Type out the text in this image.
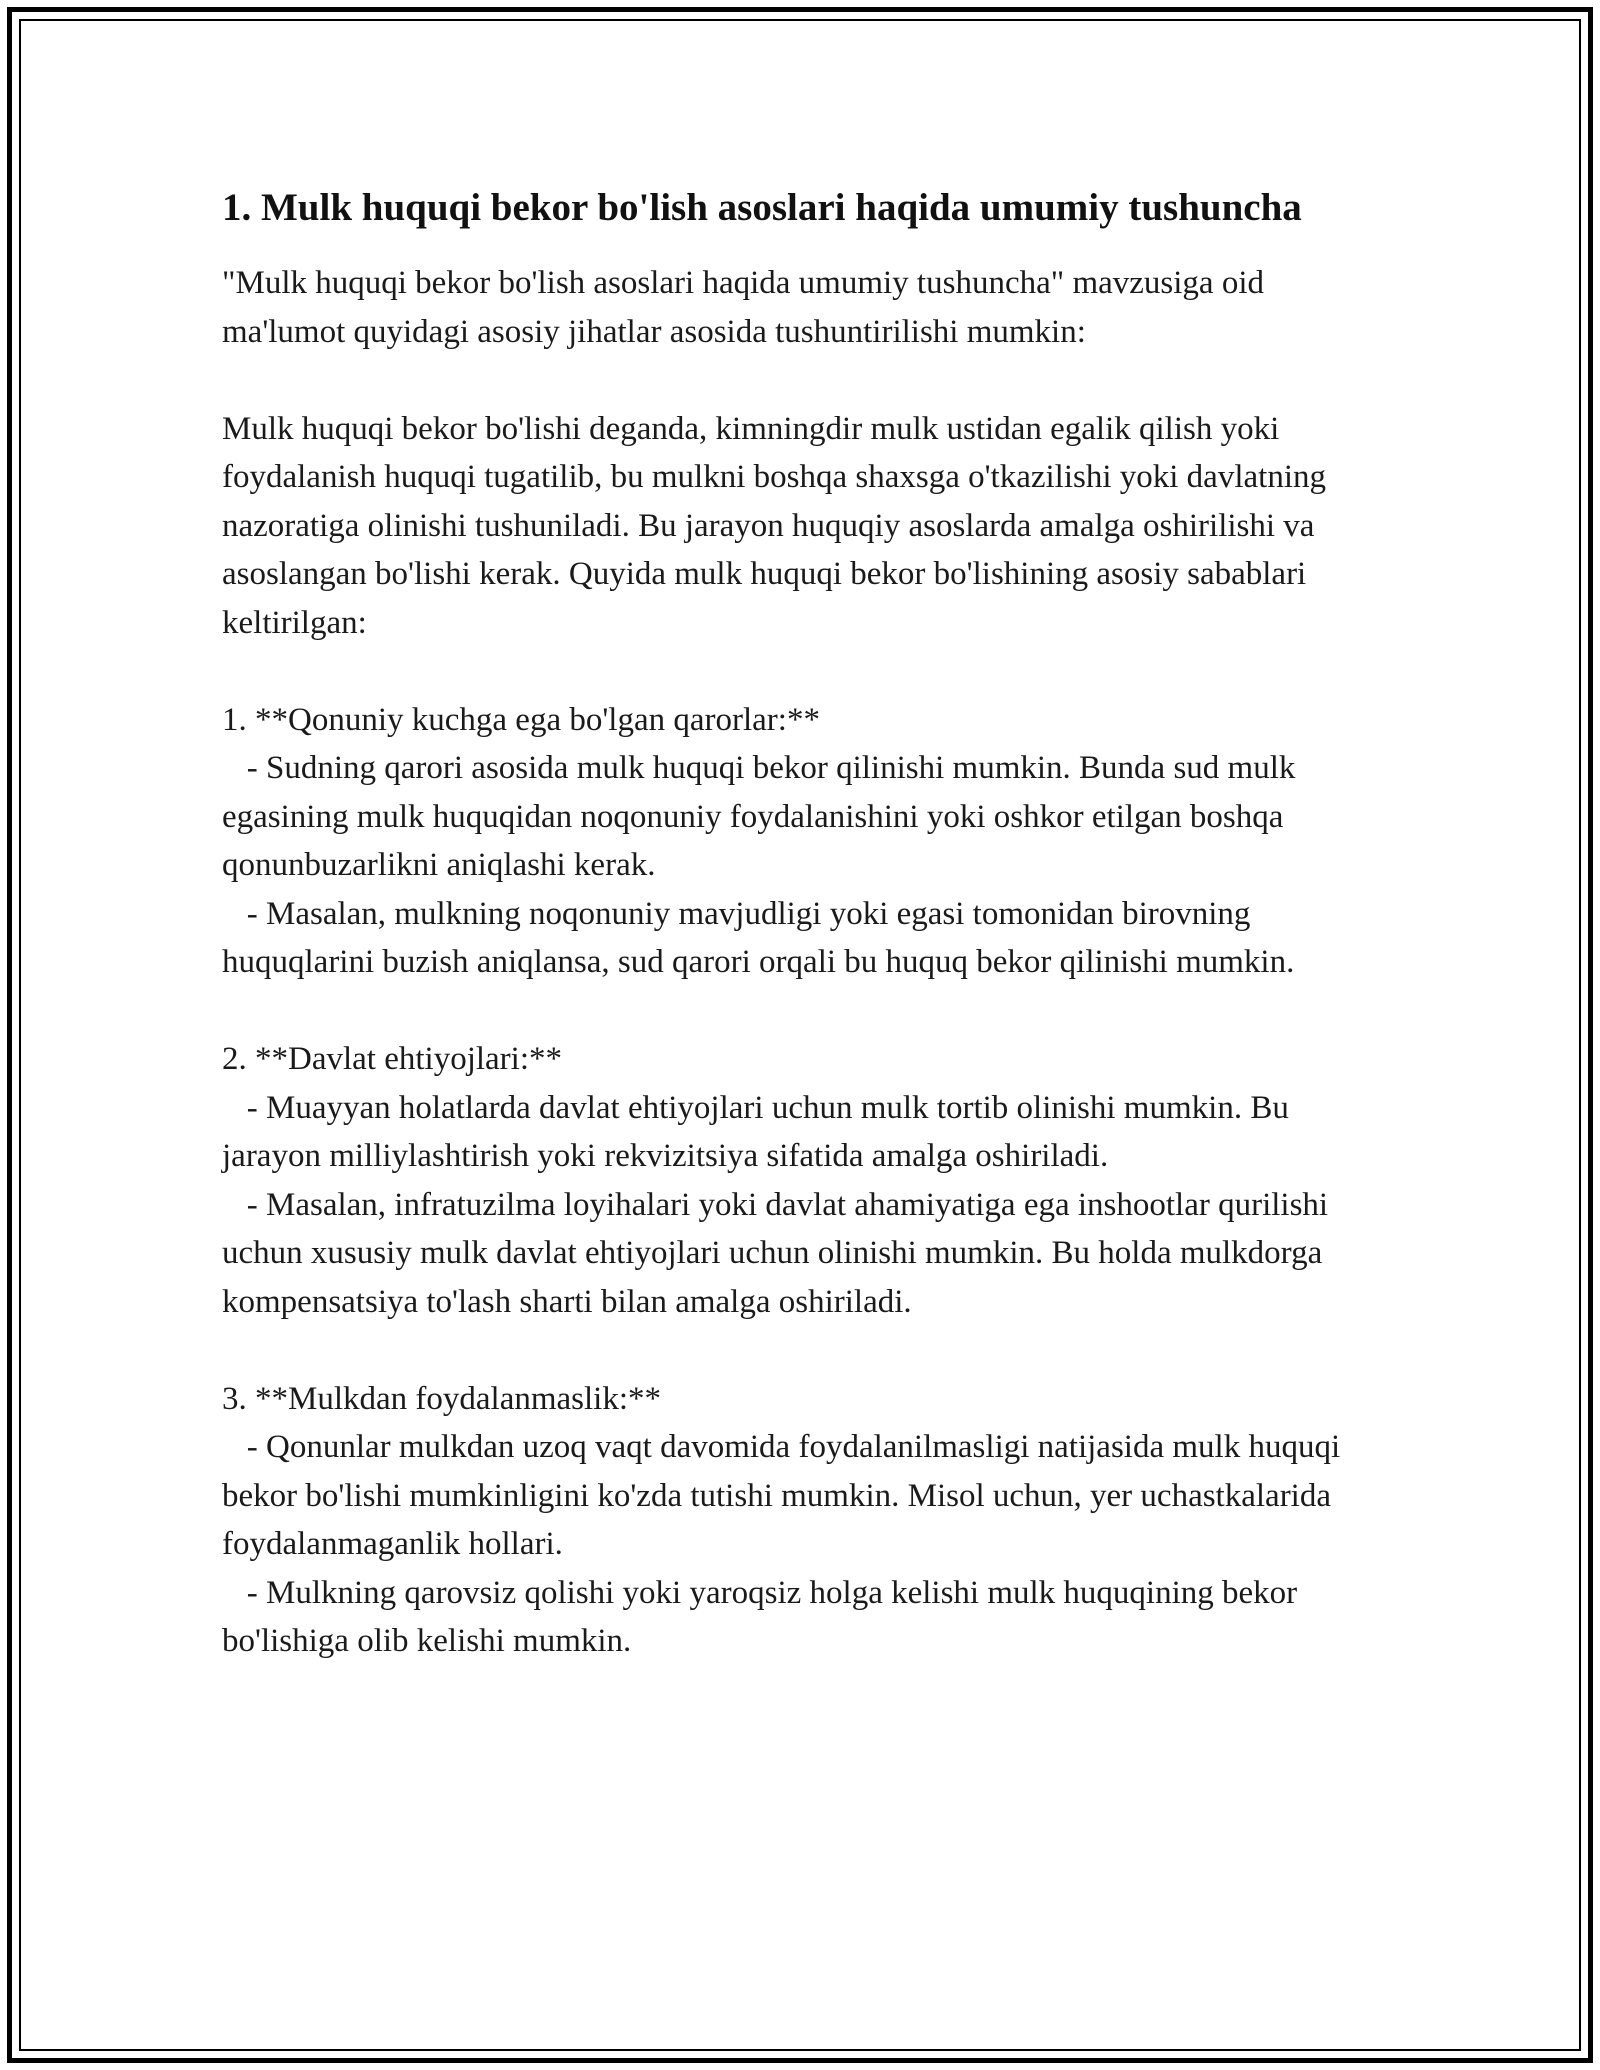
1. Mulk huquqi bekor bo'lish asoslari haqida umumiy tushuncha

"Mulk huquqi bekor bo'lish asoslari haqida umumiy tushuncha" mavzusiga oid ma'lumot quyidagi asosiy jihatlar asosida tushuntirilishi mumkin:

Mulk huquqi bekor bo'lishi deganda, kimningdir mulk ustidan egalik qilish yoki foydalanish huquqi tugatilib, bu mulkni boshqa shaxsga o'tkazilishi yoki davlatning nazoratiga olinishi tushuniladi. Bu jarayon huquqiy asoslarda amalga oshirilishi va asoslangan bo'lishi kerak. Quyida mulk huquqi bekor bo'lishining asosiy sabablari keltirilgan:

1. **Qonuniy kuchga ega bo'lgan qarorlar:**

- Sudning qarori asosida mulk huquqi bekor qilinishi mumkin. Bunda sud mulk egasining mulk huquqidan noqonuniy foydalanishini yoki oshkor etilgan boshqa qonunbuzarlikni aniqlashi kerak.

- Masalan, mulkning noqonuniy mavjudligi yoki egasi tomonidan birovning huquqlarini buzish aniqlansa, sud qarori orqali bu huquq bekor qilinishi mumkin.

2. **Davlat ehtiyojlari:**

- Muayyan holatlarda davlat ehtiyojlari uchun mulk tortib olinishi mumkin. Bu jarayon milliylashtirish yoki rekvizitsiya sifatida amalga oshiriladi.

- Masalan, infratuzilma loyihalari yoki davlat ahamiyatiga ega inshootlar qurilishi uchun xususiy mulk davlat ehtiyojlari uchun olinishi mumkin. Bu holda mulkdorga kompensatsiya to'lash sharti bilan amalga oshiriladi.

3. **Mulkdan foydalanmaslik:**

- Qonunlar mulkdan uzoq vaqt davomida foydalanilmasligi natijasida mulk huquqi bekor bo'lishi mumkinligini ko'zda tutishi mumkin. Misol uchun, yer uchastkalarida foydalanmaganlik hollari.

- Mulkning qarovsiz qolishi yoki yaroqsiz holga kelishi mulk huquqining bekor bo'lishiga olib kelishi mumkin.
